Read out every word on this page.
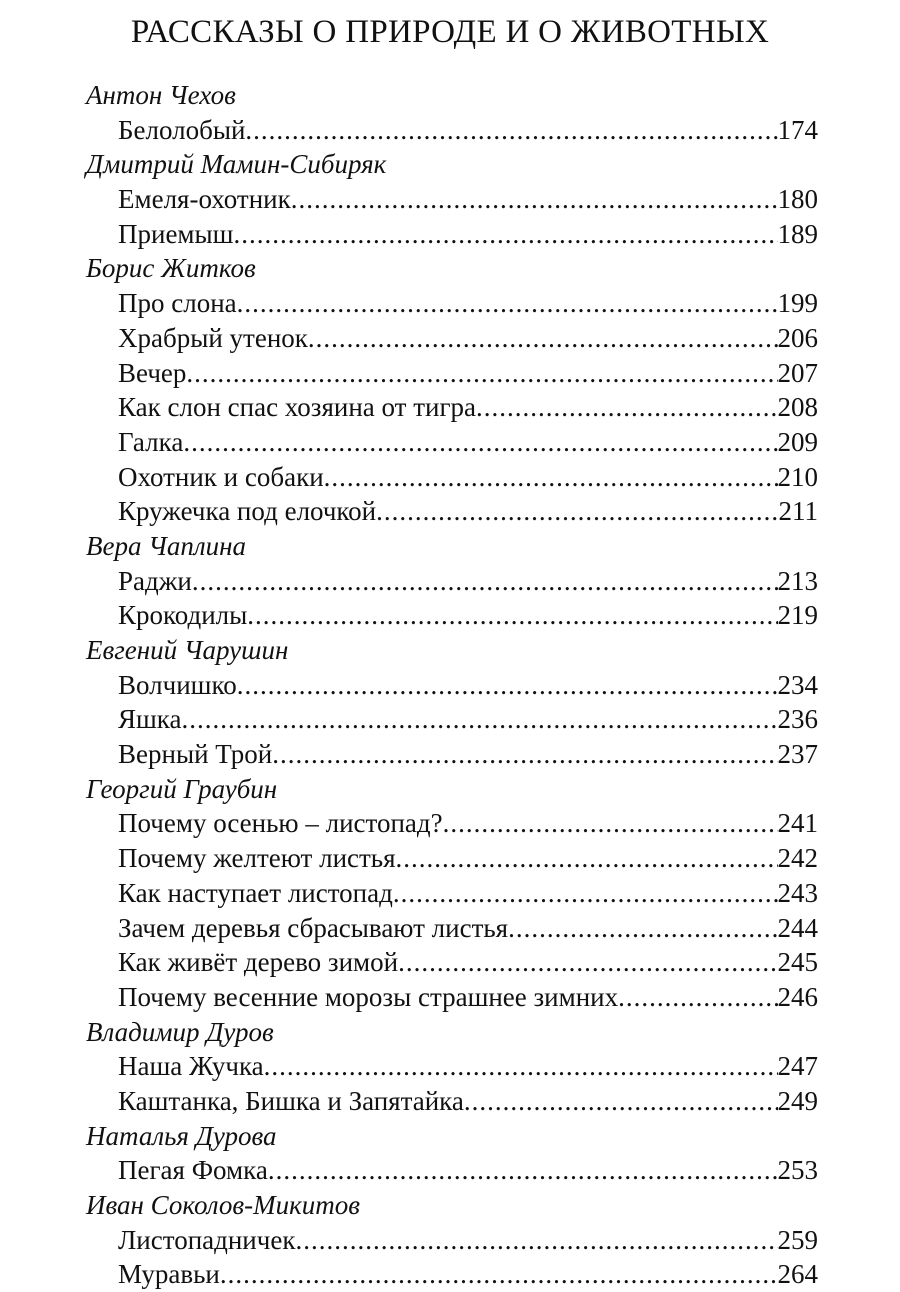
РАССКАЗЫ О ПРИРОДЕ И О ЖИВОТНЫХ
Антон Чехов
Белолобый .....	174
Дмитрий Мамин-Сибиряк
Емеля-охотник .....	180
Приемыш .....	189
Борис Житков
Про слона .....	199
Храбрый утенок .....	206
Вечер .....	207
Как слон спас хозяина от тигра .....	208
Галка .....	209
Охотник и собаки .....	210
Кружечка под елочкой .....	211
Вера Чаплина
Раджи .....	213
Крокодилы .....	219
Евгений Чарушин
Волчишко .....	234
Яшка .....	236
Верный Трой .....	237
Георгий Граубин
Почему осенью – листопад? .....	241
Почему желтеют листья .....	242
Как наступает листопад .....	243
Зачем деревья сбрасывают листья .....	244
Как живёт дерево зимой .....	245
Почему весенние морозы страшнее зимних .....	246
Владимир Дуров
Наша Жучка .....	247
Каштанка, Бишка и Запятайка .....	249
Наталья Дурова
Пегая Фомка .....	253
Иван Соколов-Микитов
Листопадничек .....	259
Муравьи .....	264
